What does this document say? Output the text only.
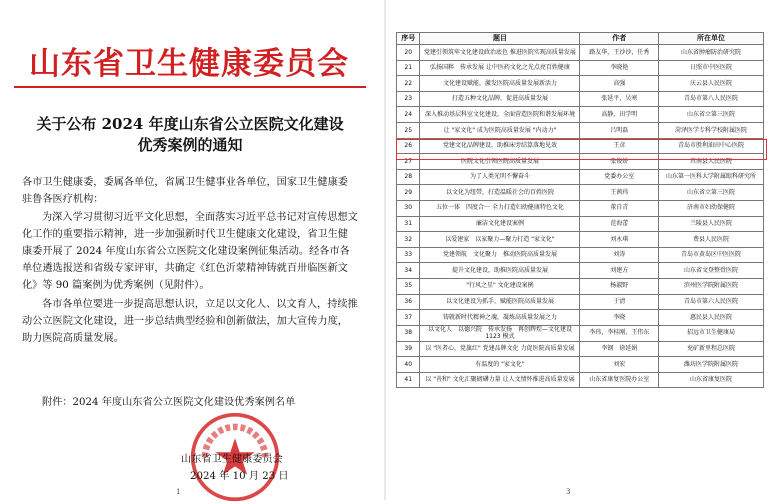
山东省卫生健康委员会
关于公布 2024 年度山东省公立医院文化建设
优秀案例的通知

各市卫生健康委，委属各单位，省属卫生健事业各单位，国家卫生健康委驻鲁各医疗机构：

为深入学习贯彻习近平文化思想，全面落实习近平总书记对宣传思想文化工作的重要指示精神，进一步加强新时代卫生健康文化建设，省卫生健康委开展了 2024 年度山东省公立医院文化建设案例征集活动。经各市各单位遴选报送和省级专家评审，共确定《红色沂蒙精神铸就百卅临医新文化》等 90 篇案例为优秀案例（见附件）。

各市各单位要进一步提高思想认识，立足以文化人、以文育人，持续推动公立医院文化建设，进一步总结典型经验和创新做法，加大宣传力度，助力医院高质量发展。

附件：2024 年度山东省公立医院文化建设优秀案例名单
山东省卫生健康委员会
2024 年 10 月 23 日
1
序号	题目	作者	所在单位
20	党建引领筑牢文化建设政治底色 推进医院实现高质量发展	路友华，王沙沙，任秀	山东省肿瘤防治研究院
21	弘扬国粹　传承发展 让中医药文化之光点亮百姓健康	李晓艳	日照市中医医院
22	文化建设赋能，激发医院高质量发展新活力	高强	庆云县人民医院
23	打造五种文化品牌，促进高质量发展	张延平，吴寒	青岛市第八人民医院
24	深入推动基层科室文化建设，全面营造医院和谐发展环境	高静，田学明	山东省立第三医院
25	让 "家文化" 成为医院高质量发展 "内动力"	吕明磊	菏泽医学专科学校附属医院
26	党建文化品牌建设，助推床旁结算落地见效	王彦	青岛市胜利油田中心医院
27	医院文化引领医院高质量发展	张俊娇	莒南县人民医院
28	为了人类光明不懈奋斗	党委办公室	山东第一医科大学附属眼科研究所
29	以文化为纽带，打造温暖社会的百姓医院	王茜玮	山东省立第三医院
30	五位一体　四度合一 全力打造妇幼健康特色文化	董自青	济南市妇幼保健院
31	廉洁文化建设案例	范海蕾	兰陵县人民医院
32	以爱建家　以家聚力—聚力打造 "家文化"	刘永琪	费县人民医院
33	党建领航　文化聚力　推动医院高质量发展	刘涛	青岛市黄岛区中医医院
34	提升文化建设，助推医院高质量发展	刘建方	山东省文登整骨医院
35	"行风之星" 文化建设案例	杨淑野	滨州医学院附属医院
36	以文化建设为抓手，赋能医院高质量发展	于清	青岛市第六人民医院
37	铸就新时代精神之魂，凝炼高质量发展之力	李晓	惠民县人民医院
38	以文化人　以德兴院　传承发扬　再创辉煌—文化建设 1123 模式	李玮，李桂刚，王伟东	招远市卫生健康局
39	以 "医者心，党旗红" 党建品牌文化 力促医院高质量发展	李钢　徐延娟	兖矿新里程总医院
40	有温度的 "家文化"	刘宏	潍坊医学院附属医院
41	以 "善和" 文化汇聚磅礴力量 让人文情怀推进高质量发展	山东省康复医院办公室	山东省康复医院
3
